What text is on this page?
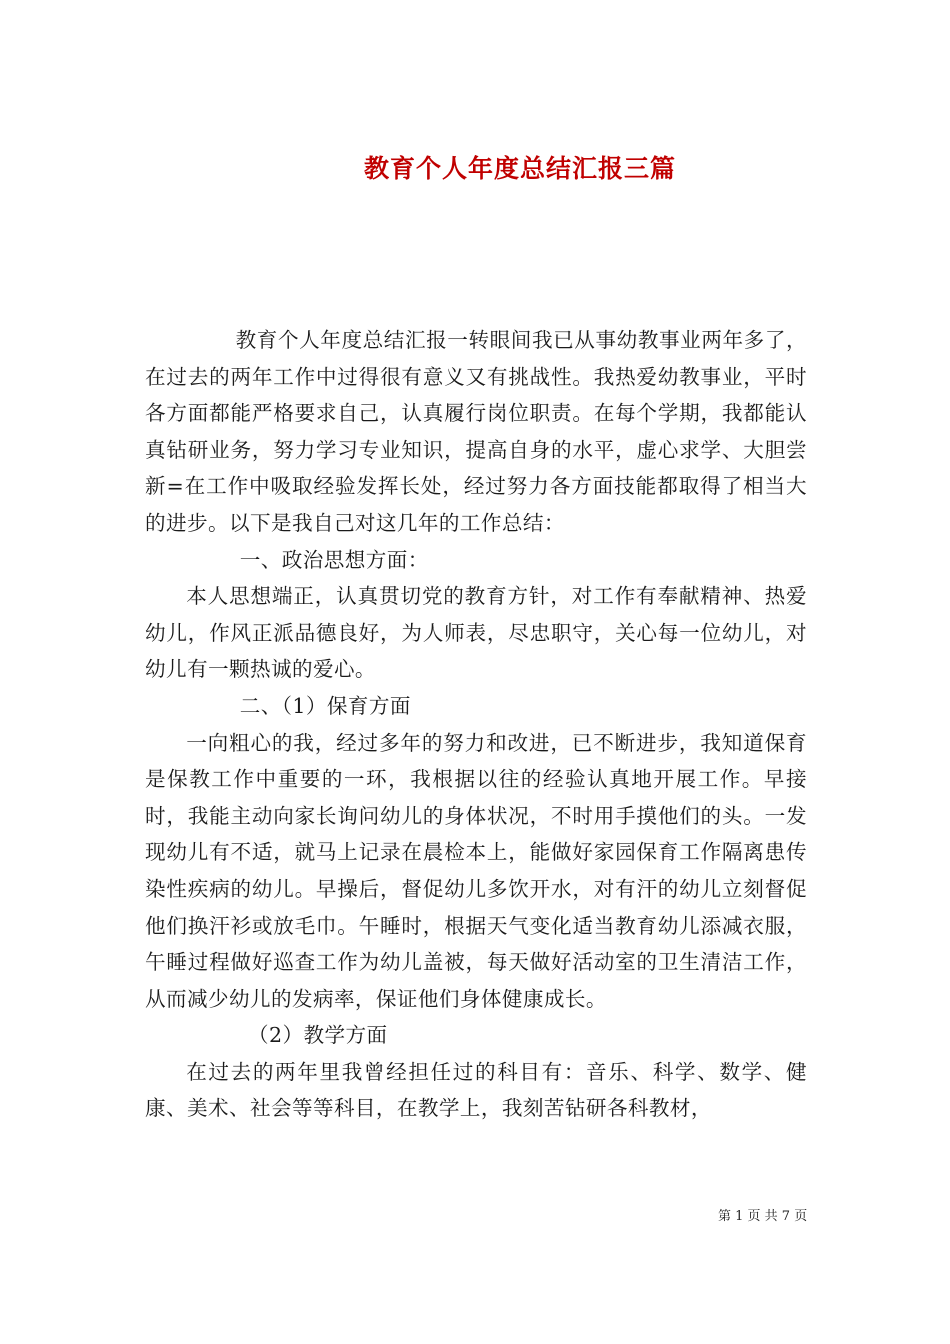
教育个人年度总结汇报三篇

教育个人年度总结汇报一转眼间我已从事幼教事业两年多了，在过去的两年工作中过得很有意义又有挑战性。我热爱幼教事业，平时各方面都能严格要求自己，认真履行岗位职责。在每个学期，我都能认真钻研业务，努力学习专业知识，提高自身的水平，虚心求学、大胆尝新=在工作中吸取经验发挥长处，经过努力各方面技能都取得了相当大的进步。以下是我自己对这几年的工作总结：

一、政治思想方面：

本人思想端正，认真贯切党的教育方针，对工作有奉献精神、热爱幼儿，作风正派品德良好，为人师表，尽忠职守，关心每一位幼儿，对幼儿有一颗热诚的爱心。

二、（1）保育方面

一向粗心的我，经过多年的努力和改进，已不断进步，我知道保育是保教工作中重要的一环，我根据以往的经验认真地开展工作。早接时，我能主动向家长询问幼儿的身体状况，不时用手摸他们的头。一发现幼儿有不适，就马上记录在晨检本上，能做好家园保育工作隔离患传染性疾病的幼儿。早操后，督促幼儿多饮开水，对有汗的幼儿立刻督促他们换汗衫或放毛巾。午睡时，根据天气变化适当教育幼儿添减衣服，午睡过程做好巡查工作为幼儿盖被，每天做好活动室的卫生清洁工作，从而减少幼儿的发病率，保证他们身体健康成长。

（2）教学方面

在过去的两年里我曾经担任过的科目有：音乐、科学、数学、健康、美术、社会等等科目，在教学上，我刻苦钻研各科教材，

第 1 页 共 7 页
